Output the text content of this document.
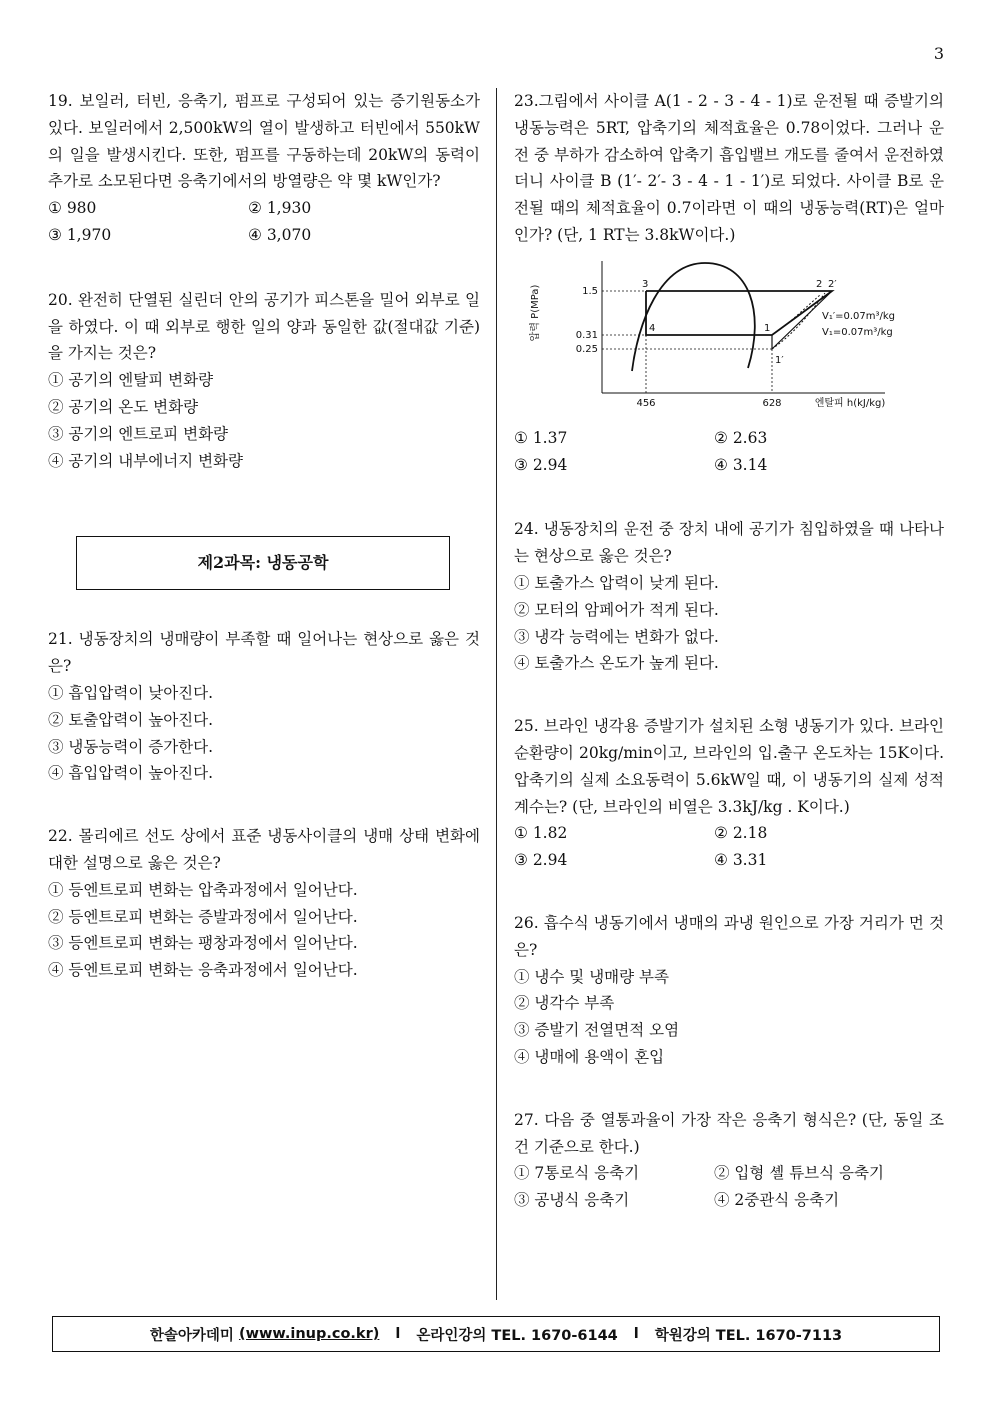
3

19. 보일러, 터빈, 응축기, 펌프로 구성되어 있는 증기원동소가 있다. 보일러에서 2,500kW의 열이 발생하고 터빈에서 550kW의 일을 발생시킨다. 또한, 펌프를 구동하는데 20kW의 동력이 추가로 소모된다면 응축기에서의 방열량은 약 몇 kW인가?

① 980	② 1,930

③ 1,970	④ 3,070

20. 완전히 단열된 실린더 안의 공기가 피스톤을 밀어 외부로 일을 하였다. 이 때 외부로 행한 일의 양과 동일한 값(절대값 기준)을 가지는 것은?

① 공기의 엔탈피 변화량

② 공기의 온도 변화량

③ 공기의 엔트로피 변화량

④ 공기의 내부에너지 변화량

제2과목: 냉동공학

21. 냉동장치의 냉매량이 부족할 때 일어나는 현상으로 옳은 것은?

① 흡입압력이 낮아진다.

② 토출압력이 높아진다.

③ 냉동능력이 증가한다.

④ 흡입압력이 높아진다.

22. 몰리에르 선도 상에서 표준 냉동사이클의 냉매 상태 변화에 대한 설명으로 옳은 것은?

① 등엔트로피 변화는 압축과정에서 일어난다.

② 등엔트로피 변화는 증발과정에서 일어난다.

③ 등엔트로피 변화는 팽창과정에서 일어난다.

④ 등엔트로피 변화는 응축과정에서 일어난다.

23.그림에서 사이클 A(1 - 2 - 3 - 4 - 1)로 운전될 때 증발기의 냉동능력은 5RT, 압축기의 체적효율은 0.78이었다. 그러나 운전 중 부하가 감소하여 압축기 흡입밸브 개도를 줄여서 운전하였더니 사이클 B (1′- 2′- 3 - 4 - 1 - 1′)로 되었다. 사이클 B로 운전될 때의 체적효율이 0.7이라면 이 때의 냉동능력(RT)은 얼마인가? (단, 1 RT는 3.8kW이다.)

압력 P(MPa)	1.5
0.31
0.25
456	628	엔탈피 h(kJ/kg)
3	2 2′
4	1
1′
V₁′=0.07m³/kg
V₁=0.07m³/kg

① 1.37	② 2.63

③ 2.94	④ 3.14

24. 냉동장치의 운전 중 장치 내에 공기가 침입하였을 때 나타나는 현상으로 옳은 것은?

① 토출가스 압력이 낮게 된다.

② 모터의 암페어가 적게 된다.

③ 냉각 능력에는 변화가 없다.

④ 토출가스 온도가 높게 된다.

25. 브라인 냉각용 증발기가 설치된 소형 냉동기가 있다. 브라인 순환량이 20kg/min이고, 브라인의 입.출구 온도차는 15K이다. 압축기의 실제 소요동력이 5.6kW일 때, 이 냉동기의 실제 성적계수는? (단, 브라인의 비열은 3.3kJ/kg . K이다.)

① 1.82	② 2.18

③ 2.94	④ 3.31

26. 흡수식 냉동기에서 냉매의 과냉 원인으로 가장 거리가 먼 것은?

① 냉수 및 냉매량 부족

② 냉각수 부족

③ 증발기 전열면적 오염

④ 냉매에 용액이 혼입

27. 다음 중 열통과율이 가장 작은 응축기 형식은? (단, 동일 조건 기준으로 한다.)

① 7통로식 응축기	② 입형 셸 튜브식 응축기

③ 공냉식 응축기	④ 2중관식 응축기

한솔아카데미
(www.inup.co.kr) l 온라인강의 TEL. 1670-6144 l 학원강의 TEL. 1670-7113
